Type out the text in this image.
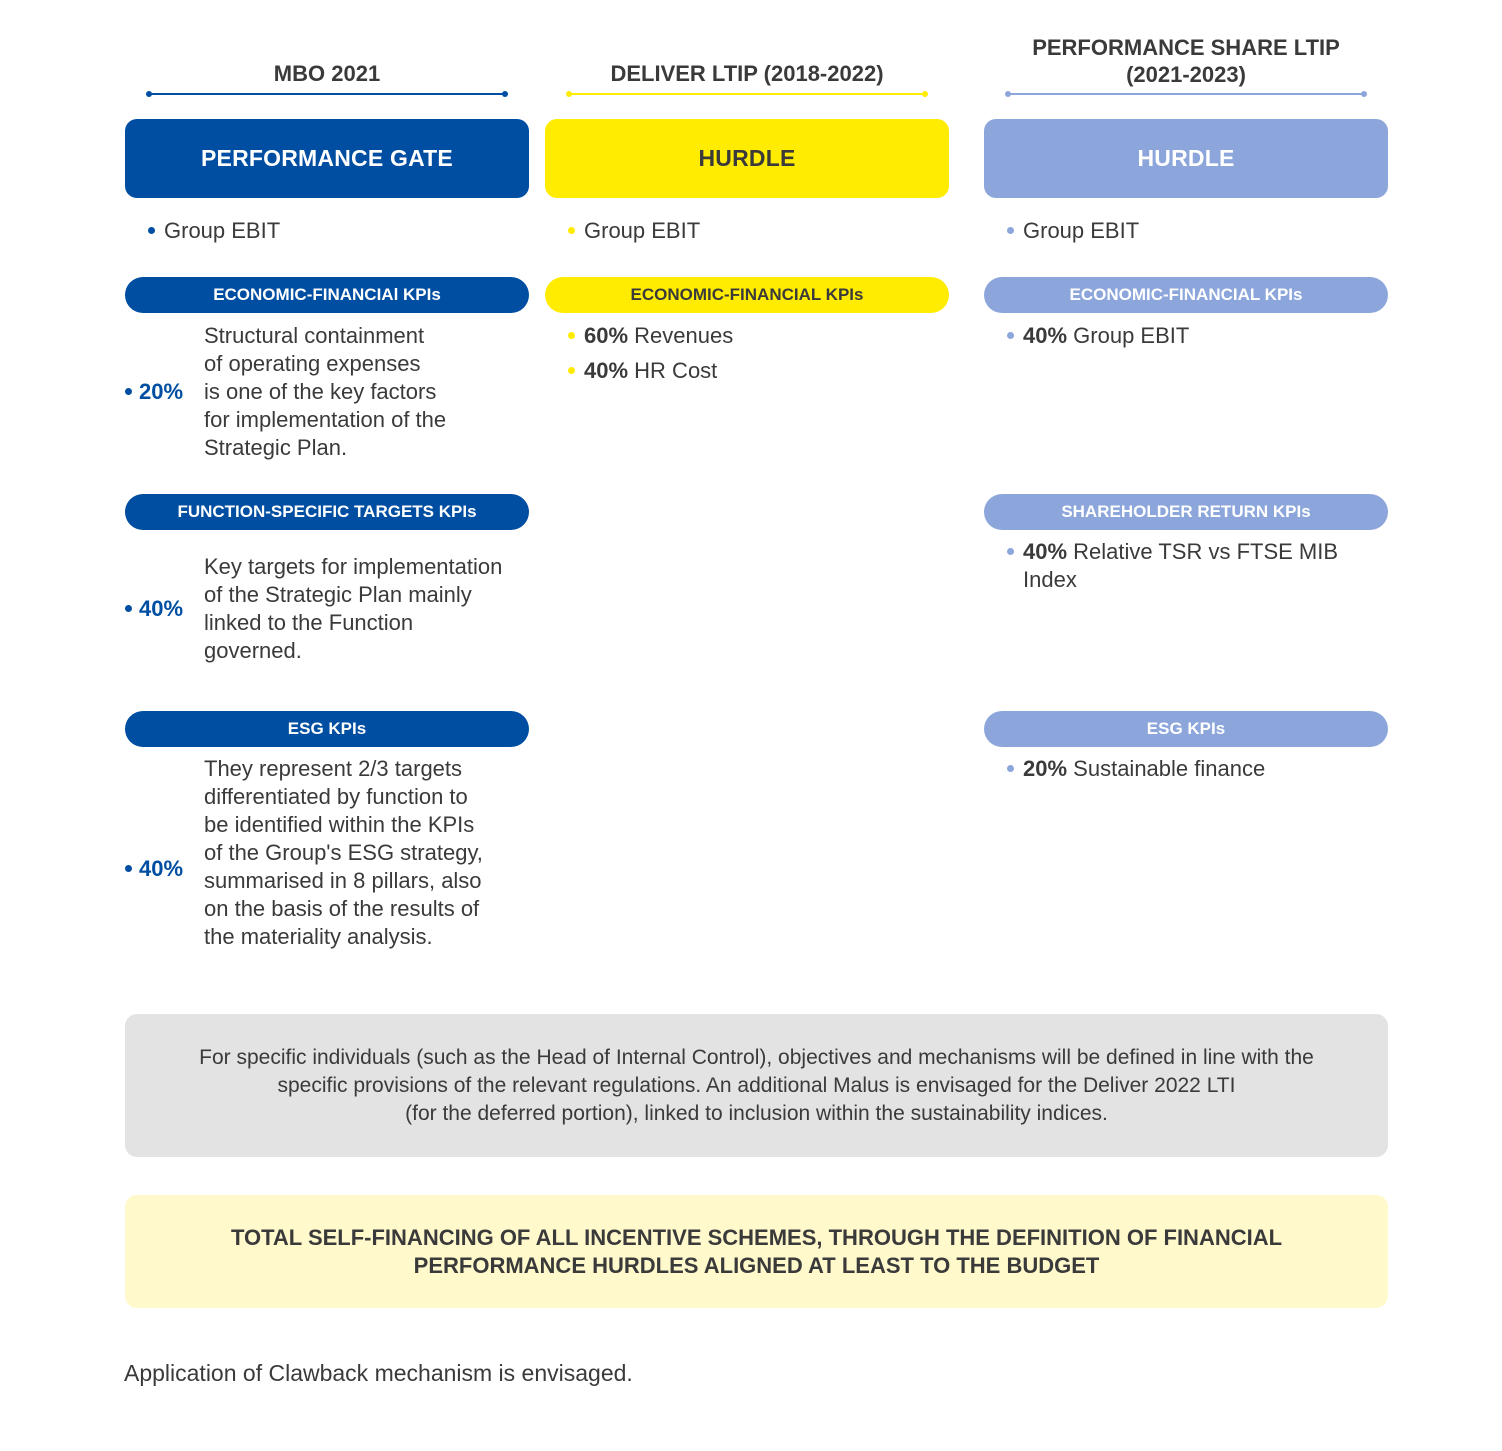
MBO 2021
PERFORMANCE GATE
Group EBIT
ECONOMIC-FINANCIAl KPIs
20%
Structural containment
of operating expenses
is one of the key factors
for implementation of the
Strategic Plan.
FUNCTION-SPECIFIC TARGETS KPIs
40%
Key targets for implementation
of the Strategic Plan mainly
linked to the Function
governed.
ESG KPIs
40%
They represent 2/3 targets
differentiated by function to
be identified within the KPIs
of the Group's ESG strategy,
summarised in 8 pillars, also
on the basis of the results of
the materiality analysis.
DELIVER LTIP (2018-2022)
HURDLE
Group EBIT
ECONOMIC-FINANCIAL KPIs
60% Revenues
40% HR Cost
PERFORMANCE SHARE LTIP
(2021-2023)
HURDLE
Group EBIT
ECONOMIC-FINANCIAL KPIs
40% Group EBIT
SHAREHOLDER RETURN KPIs
40% Relative TSR vs FTSE MIB
Index
ESG KPIs
20% Sustainable finance

For specific individuals (such as the Head of Internal Control), objectives and mechanisms will be defined in line with the
specific provisions of the relevant regulations. An additional Malus is envisaged for the Deliver 2022 LTI
(for the deferred portion), linked to inclusion within the sustainability indices.

TOTAL SELF-FINANCING OF ALL INCENTIVE SCHEMES, THROUGH THE DEFINITION OF FINANCIAL
PERFORMANCE HURDLES ALIGNED AT LEAST TO THE BUDGET

Application of Clawback mechanism is envisaged.
